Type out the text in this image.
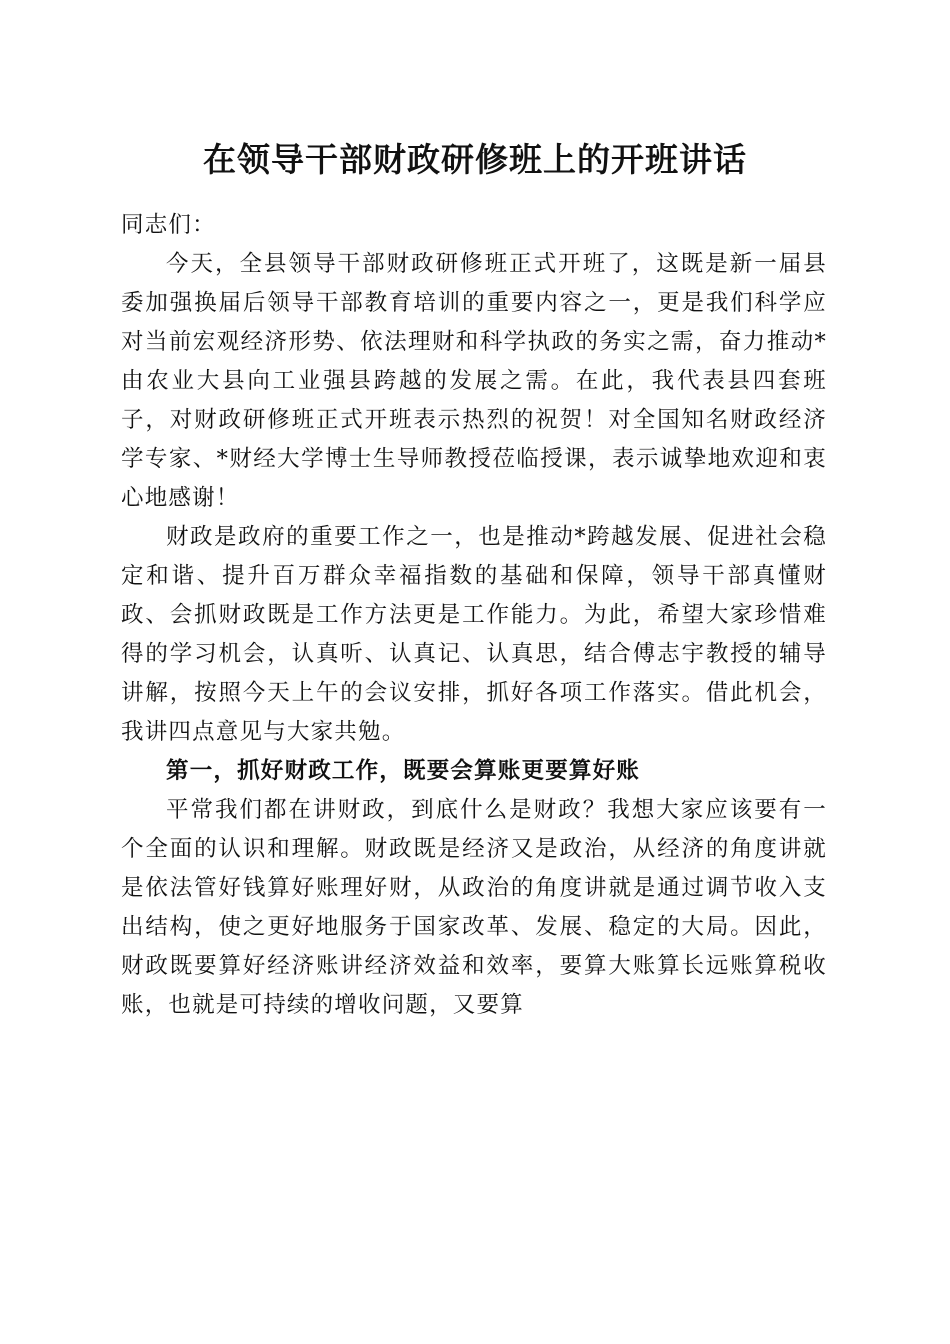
在领导干部财政研修班上的开班讲话

同志们：

今天，全县领导干部财政研修班正式开班了，这既是新一届县委加强换届后领导干部教育培训的重要内容之一，更是我们科学应对当前宏观经济形势、依法理财和科学执政的务实之需，奋力推动*由农业大县向工业强县跨越的发展之需。在此，我代表县四套班子，对财政研修班正式开班表示热烈的祝贺！对全国知名财政经济学专家、*财经大学博士生导师教授莅临授课，表示诚挚地欢迎和衷心地感谢！

财政是政府的重要工作之一，也是推动*跨越发展、促进社会稳定和谐、提升百万群众幸福指数的基础和保障，领导干部真懂财政、会抓财政既是工作方法更是工作能力。为此，希望大家珍惜难得的学习机会，认真听、认真记、认真思，结合傅志宇教授的辅导讲解，按照今天上午的会议安排，抓好各项工作落实。借此机会，我讲四点意见与大家共勉。

第一，抓好财政工作，既要会算账更要算好账

平常我们都在讲财政，到底什么是财政？我想大家应该要有一个全面的认识和理解。财政既是经济又是政治，从经济的角度讲就是依法管好钱算好账理好财，从政治的角度讲就是通过调节收入支出结构，使之更好地服务于国家改革、发展、稳定的大局。因此，财政既要算好经济账讲经济效益和效率，要算大账算长远账算税收账，也就是可持续的增收问题，又要算
